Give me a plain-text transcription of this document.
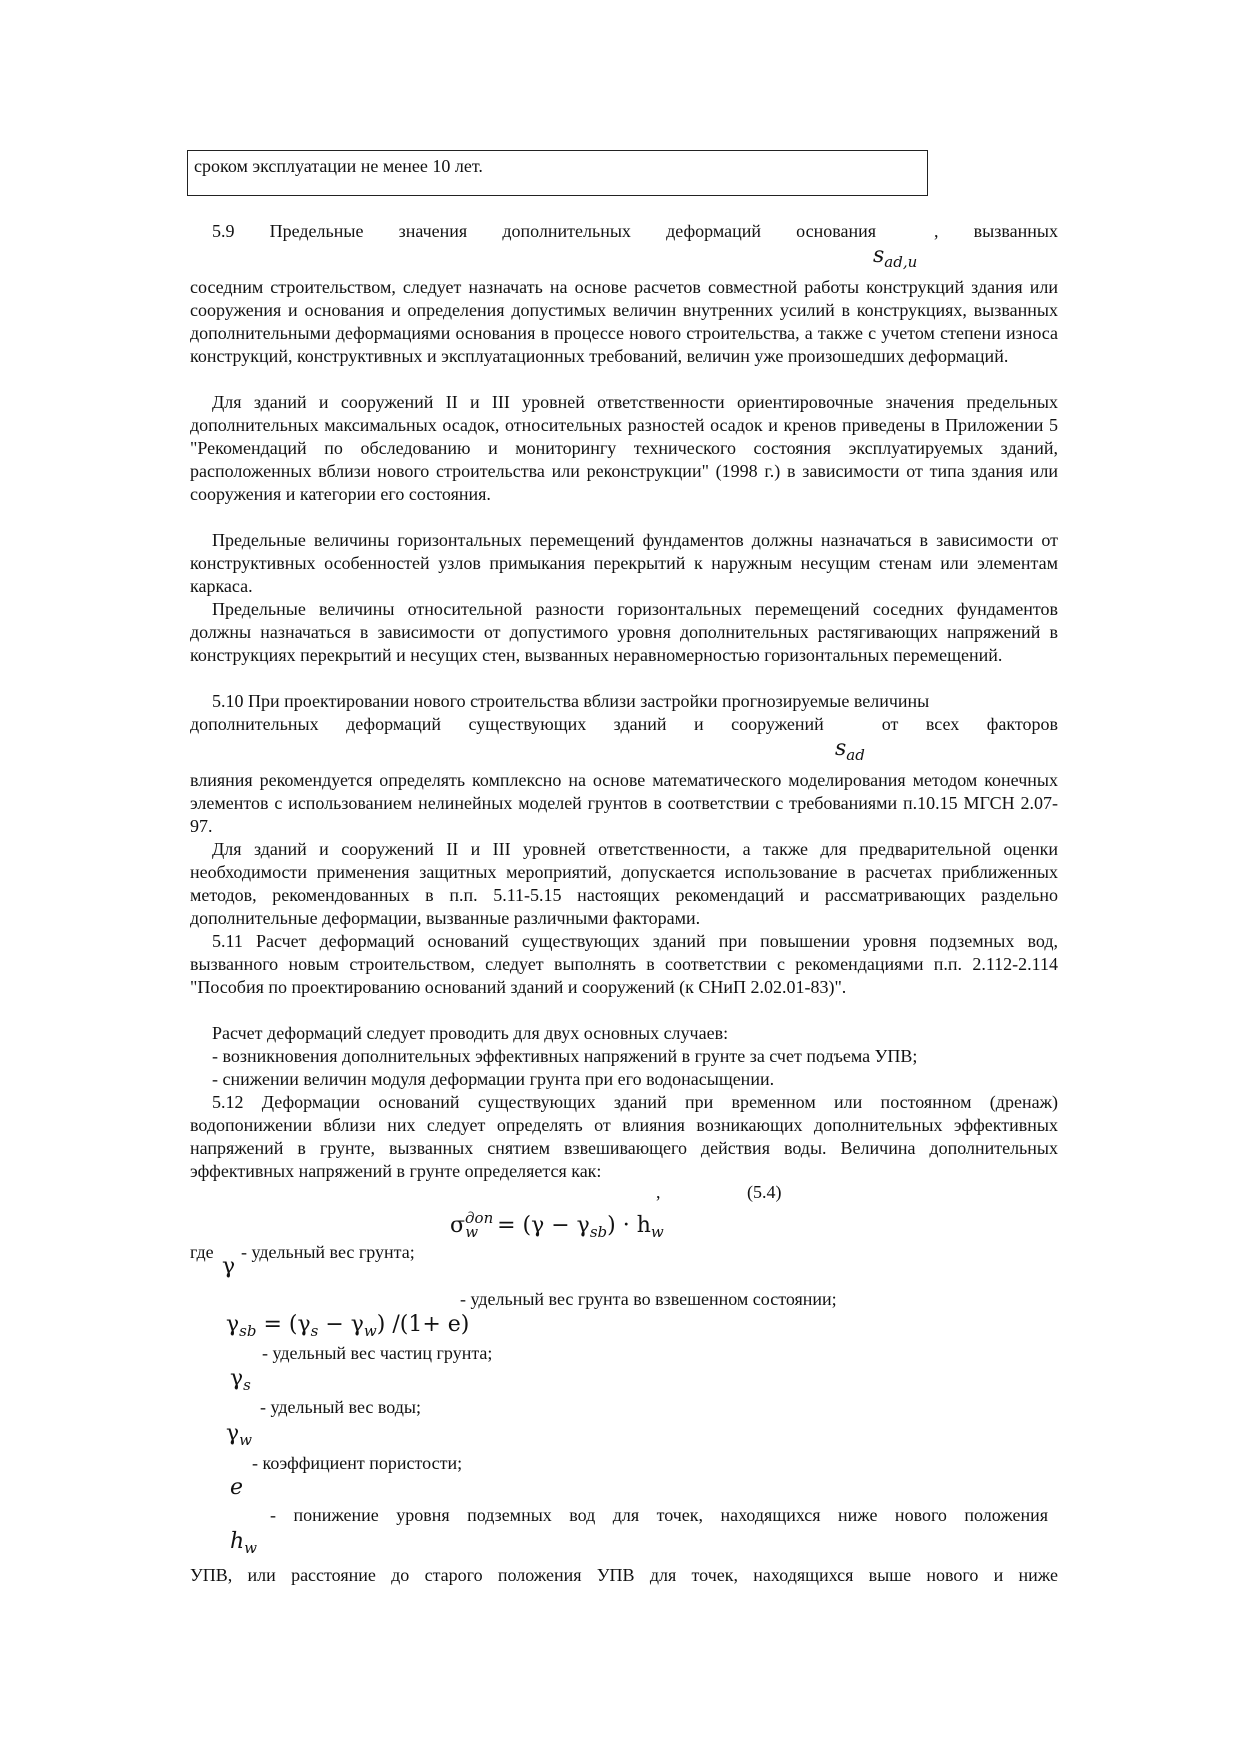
сроком эксплуатации не менее 10 лет.
5.9 Предельные значения дополнительных деформаций основания	, вызванных
$s_{ad,u}$
соседним строительством, следует назначать на основе расчетов совместной работы конструкций здания или сооружения и основания и определения допустимых величин внутренних усилий в конструкциях, вызванных дополнительными деформациями основания в процессе нового строительства, а также с учетом степени износа конструкций, конструктивных и эксплуатационных требований, величин уже произошедших деформаций.
Для зданий и сооружений II и III уровней ответственности ориентировочные значения предельных дополнительных максимальных осадок, относительных разностей осадок и кренов приведены в Приложении 5 "Рекомендаций по обследованию и мониторингу технического состояния эксплуатируемых зданий, расположенных вблизи нового строительства или реконструкции" (1998 г.) в зависимости от типа здания или сооружения и категории его состояния.
Предельные величины горизонтальных перемещений фундаментов должны назначаться в зависимости от конструктивных особенностей узлов примыкания перекрытий к наружным несущим стенам или элементам каркаса.
Предельные величины относительной разности горизонтальных перемещений соседних фундаментов должны назначаться в зависимости от допустимого уровня дополнительных растягивающих напряжений в конструкциях перекрытий и несущих стен, вызванных неравномерностью горизонтальных перемещений.
5.10 При проектировании нового строительства вблизи застройки прогнозируемые величины
дополнительных деформаций существующих зданий и сооружений	от всех факторов
$s_{ad}$
влияния рекомендуется определять комплексно на основе математического моделирования методом конечных элементов с использованием нелинейных моделей грунтов в соответствии с требованиями п.10.15 МГСН 2.07-97.
Для зданий и сооружений II и III уровней ответственности, а также для предварительной оценки необходимости применения защитных мероприятий, допускается использование в расчетах приближенных методов, рекомендованных в п.п. 5.11-5.15 настоящих рекомендаций и рассматривающих раздельно дополнительные деформации, вызванные различными факторами.
5.11 Расчет деформаций оснований существующих зданий при повышении уровня подземных вод, вызванного новым строительством, следует выполнять в соответствии с рекомендациями п.п. 2.112-2.114 "Пособия по проектированию оснований зданий и сооружений (к СНиП 2.02.01-83)".
Расчет деформаций следует проводить для двух основных случаев:
- возникновения дополнительных эффективных напряжений в грунте за счет подъема УПВ;
- снижении величин модуля деформации грунта при его водонасыщении.
5.12 Деформации оснований существующих зданий при временном или постоянном (дренаж) водопонижении вблизи них следует определять от влияния возникающих дополнительных эффективных напряжений в грунте, вызванных снятием взвешивающего действия воды. Величина дополнительных эффективных напряжений в грунте определяется как:
,	(5.4)
$\sigma^{доп}_w = (\gamma - \gamma_{sb}) \cdot h_w$
где
γ
- удельный вес грунта;
$\gamma_{sb} = (\gamma_s - \gamma_w)$ /(1+ e)
- удельный вес грунта во взвешенном состоянии;
- удельный вес частиц грунта;
$\gamma_s$
- удельный вес воды;
$\gamma_w$
- коэффициент пористости;
e
- понижение уровня подземных вод для точек, находящихся ниже нового положения
$h_w$
УПВ, или расстояние до старого положения УПВ для точек, находящихся выше нового и ниже
